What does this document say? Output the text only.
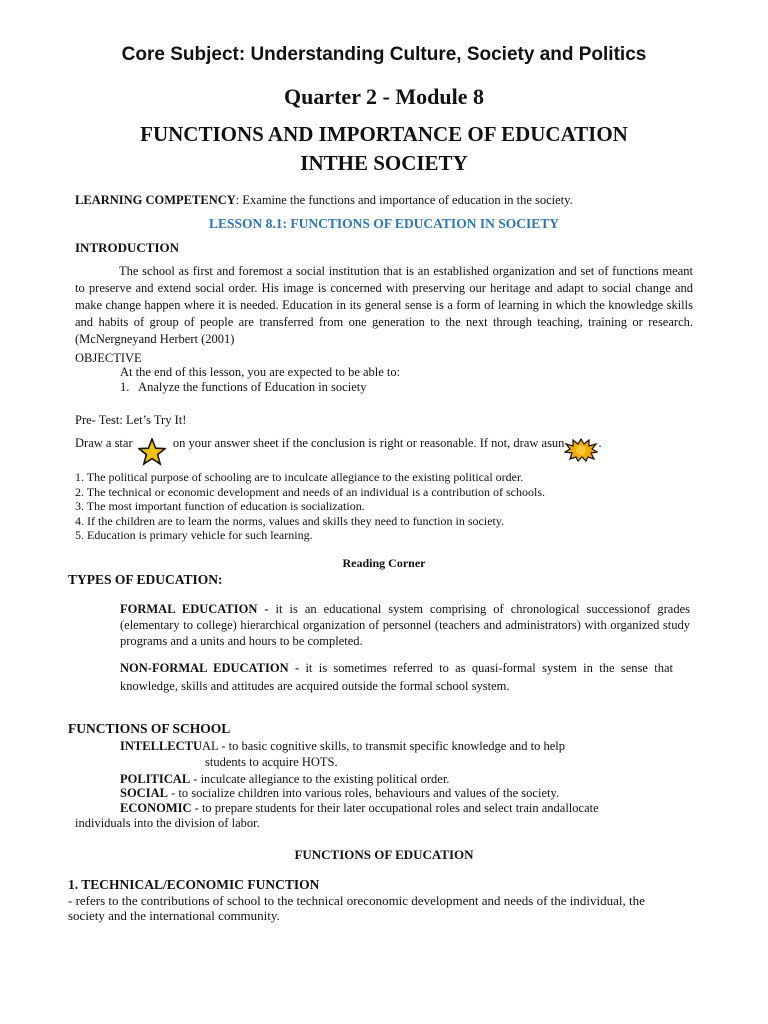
Core Subject: Understanding Culture, Society and Politics
Quarter 2 - Module 8
FUNCTIONS AND IMPORTANCE OF EDUCATION
INTHE SOCIETY
LEARNING COMPETENCY: Examine the functions and importance of education in the society.
LESSON 8.1: FUNCTIONS OF EDUCATION IN SOCIETY
INTRODUCTION
The school as first and foremost a social institution that is an established organization and set of functions meant to preserve and extend social order. His image is concerned with preserving our heritage and adapt to social change and make change happen where it is needed. Education in its general sense is a form of learning in which the knowledge skills and habits of group of people are transferred from one generation to the next through teaching, training or research. (McNergneyand Herbert (2001)
OBJECTIVE
At the end of this lesson, you are expected to be able to:
1.   Analyze the functions of Education in society
Pre- Test: Let’s Try It!
Draw a star	on your answer sheet if the conclusion is right or reasonable. If not, draw asun	.
1. The political purpose of schooling are to inculcate allegiance to the existing political order.
2. The technical or economic development and needs of an individual is a contribution of schools.
3. The most important function of education is socialization.
4. If the children are to learn the norms, values and skills they need to function in society.
5. Education is primary vehicle for such learning.
Reading Corner
TYPES OF EDUCATION:
FORMAL EDUCATION - it is an educational system comprising of chronological successionof grades (elementary to college) hierarchical organization of personnel (teachers and administrators) with organized study programs and a units and hours to be completed.
NON-FORMAL EDUCATION - it is sometimes referred to as quasi-formal system in the sense that knowledge, skills and attitudes are acquired outside the formal school system.
FUNCTIONS OF SCHOOL
INTELLECTUAL - to basic cognitive skills, to transmit specific knowledge and to help
students to acquire HOTS.
POLITICAL - inculcate allegiance to the existing political order.
SOCIAL - to socialize children into various roles, behaviours and values of the society.
ECONOMIC - to prepare students for their later occupational roles and select train andallocate
individuals into the division of labor.
FUNCTIONS OF EDUCATION
1. TECHNICAL/ECONOMIC FUNCTION
- refers to the contributions of school to the technical oreconomic development and needs of the individual, the society and the international community.
